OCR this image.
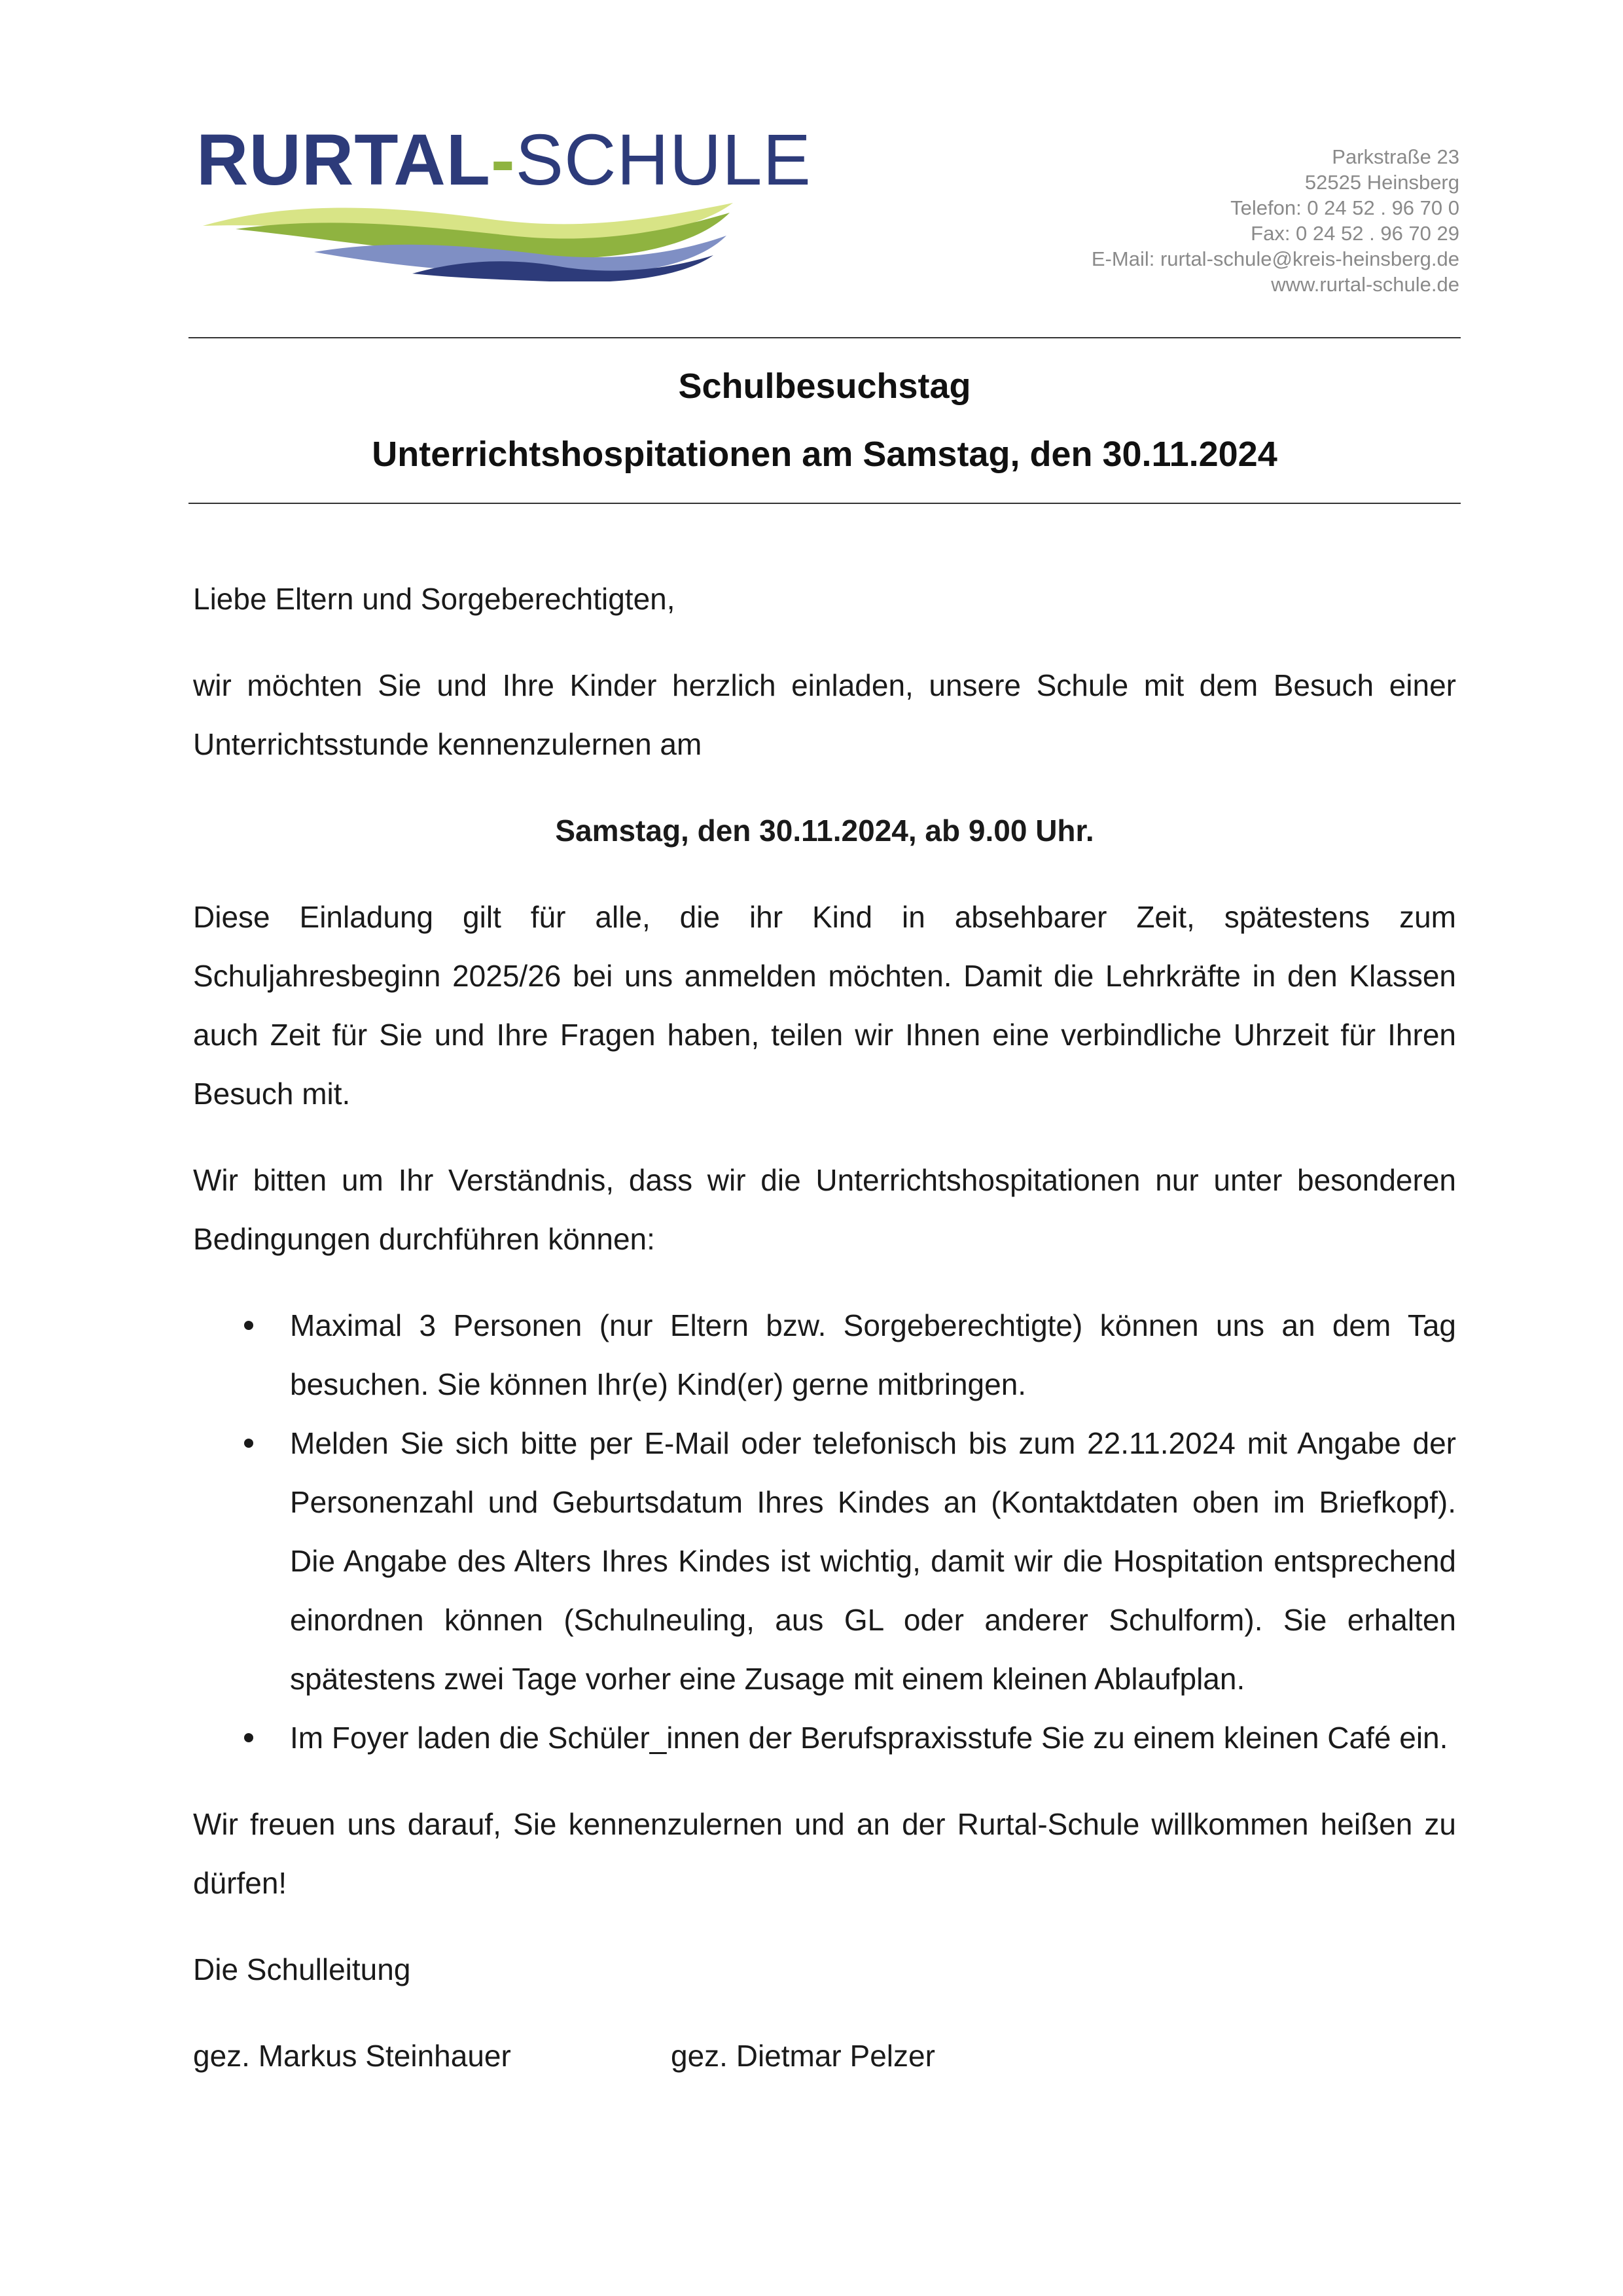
RURTAL-SCHULE	Parkstraße 23
52525 Heinsberg
Telefon: 0 24 52 . 96 70 0
Fax: 0 24 52 . 96 70 29
E-Mail: rurtal-schule@kreis-heinsberg.de
www.rurtal-schule.de
Schulbesuchstag
Unterrichtshospitationen am Samstag, den 30.11.2024

Liebe Eltern und Sorgeberechtigten,

wir möchten Sie und Ihre Kinder herzlich einladen, unsere Schule mit dem Besuch einer Unterrichtsstunde kennenzulernen am

Samstag, den 30.11.2024, ab 9.00 Uhr.

Diese Einladung gilt für alle, die ihr Kind in absehbarer Zeit, spätestens zum Schuljahresbeginn 2025/26 bei uns anmelden möchten. Damit die Lehrkräfte in den Klassen auch Zeit für Sie und Ihre Fragen haben, teilen wir Ihnen eine verbindliche Uhrzeit für Ihren Besuch mit.

Wir bitten um Ihr Verständnis, dass wir die Unterrichtshospitationen nur unter besonderen Bedingungen durchführen können:

Maximal 3 Personen (nur Eltern bzw. Sorgeberechtigte) können uns an dem Tag besuchen. Sie können Ihr(e) Kind(er) gerne mitbringen.
Melden Sie sich bitte per E-Mail oder telefonisch bis zum 22.11.2024 mit Angabe der Personenzahl und Geburtsdatum Ihres Kindes an (Kontaktdaten oben im Briefkopf). Die Angabe des Alters Ihres Kindes ist wichtig, damit wir die Hospitation entsprechend einordnen können (Schulneuling, aus GL oder anderer Schulform). Sie erhalten spätestens zwei Tage vorher eine Zusage mit einem kleinen Ablaufplan.
Im Foyer laden die Schüler_innen der Berufspraxisstufe Sie zu einem kleinen Café ein.

Wir freuen uns darauf, Sie kennenzulernen und an der Rurtal-Schule willkommen heißen zu dürfen!

Die Schulleitung

gez. Markus Steinhauer	gez. Dietmar Pelzer
